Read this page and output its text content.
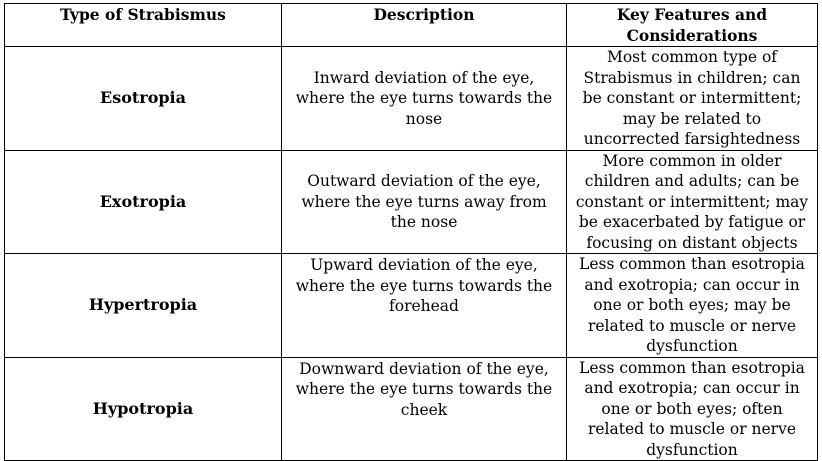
Type of Strabismus	Description	Key Features and Considerations
Esotropia	Inward deviation of the eye, where the eye turns towards the nose	Most common type of Strabismus in children; can be constant or intermittent; may be related to uncorrected farsightedness
Exotropia	Outward deviation of the eye, where the eye turns away from the nose	More common in older children and adults; can be constant or intermittent; may be exacerbated by fatigue or focusing on distant objects
Hypertropia	Upward deviation of the eye, where the eye turns towards the forehead	Less common than esotropia and exotropia; can occur in one or both eyes; may be related to muscle or nerve dysfunction
Hypotropia	Downward deviation of the eye, where the eye turns towards the cheek	Less common than esotropia and exotropia; can occur in one or both eyes; often related to muscle or nerve dysfunction
